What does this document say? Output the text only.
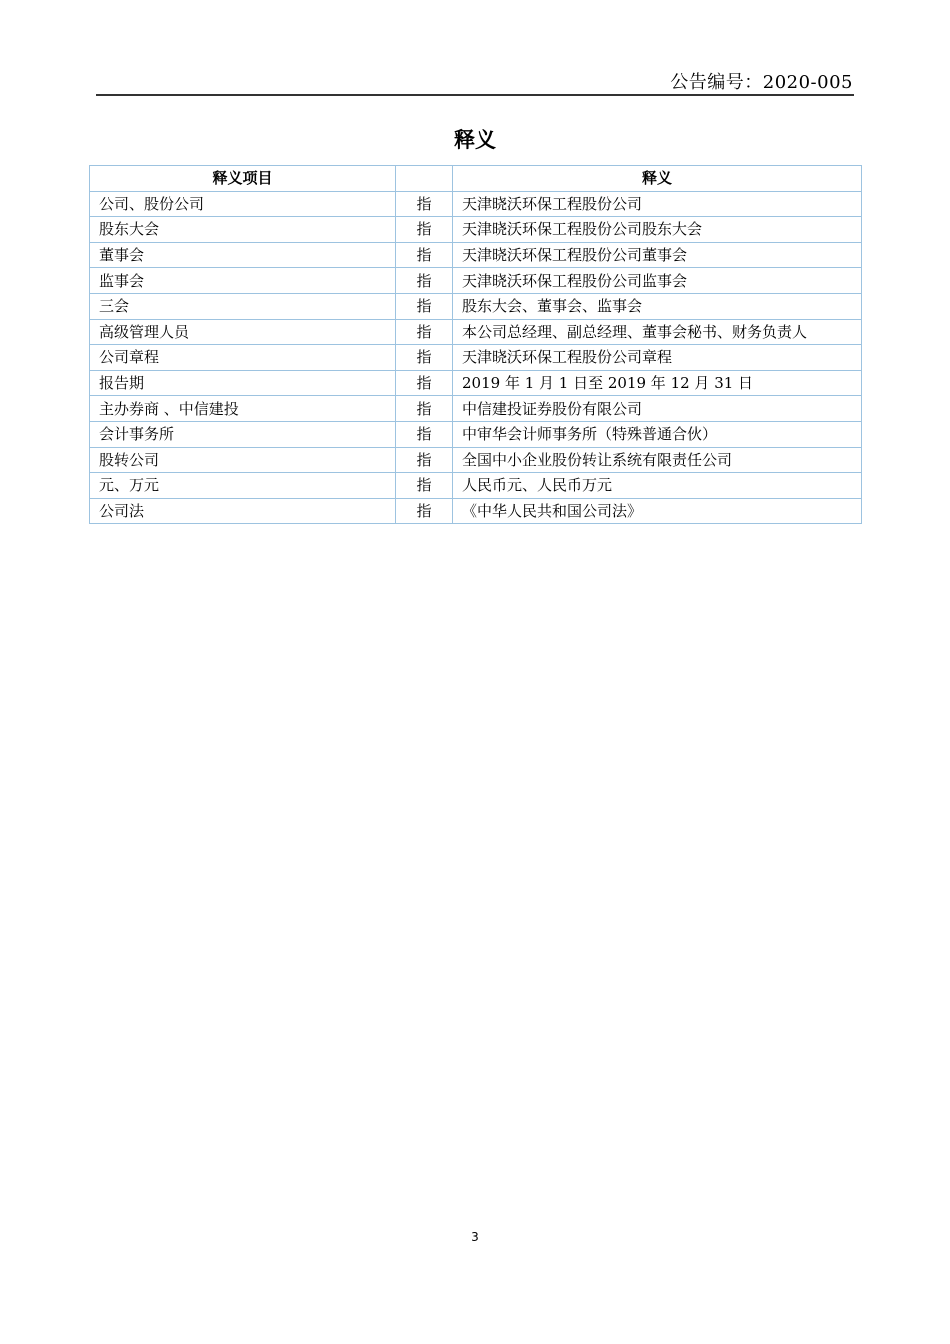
公告编号：2020-005
释义
释义项目		释义
公司、股份公司	指	天津晓沃环保工程股份公司
股东大会	指	天津晓沃环保工程股份公司股东大会
董事会	指	天津晓沃环保工程股份公司董事会
监事会	指	天津晓沃环保工程股份公司监事会
三会	指	股东大会、董事会、监事会
高级管理人员	指	本公司总经理、副总经理、董事会秘书、财务负责人
公司章程	指	天津晓沃环保工程股份公司章程
报告期	指	2019 年 1 月 1 日至 2019 年 12 月 31 日
主办券商 、中信建投	指	中信建投证券股份有限公司
会计事务所	指	中审华会计师事务所（特殊普通合伙）
股转公司	指	全国中小企业股份转让系统有限责任公司
元、万元	指	人民币元、人民币万元
公司法	指	《中华人民共和国公司法》
3
